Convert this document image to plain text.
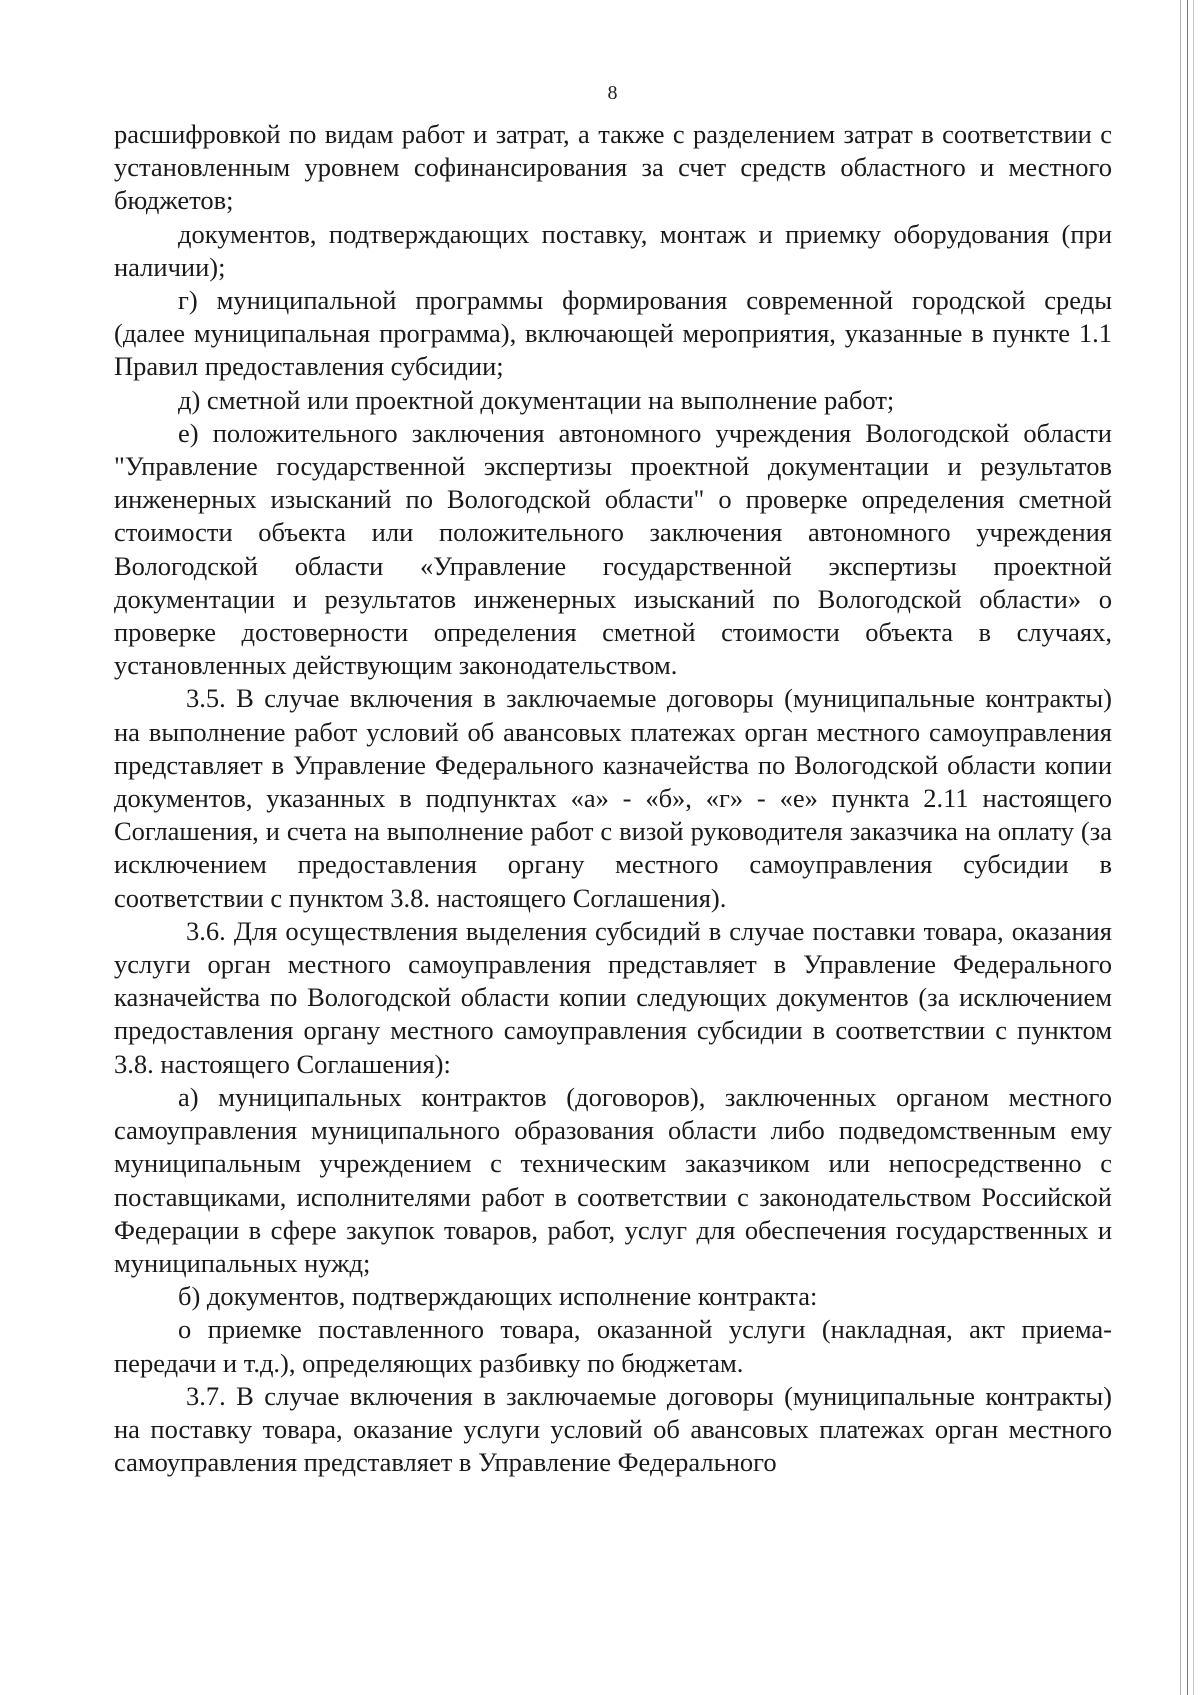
8

расшифровкой по видам работ и затрат, а также с разделением затрат в соответствии с установленным уровнем софинансирования за счет средств областного и местного бюджетов;

документов, подтверждающих поставку, монтаж и приемку оборудования (при наличии);

г) муниципальной программы формирования современной городской среды (далее муниципальная программа), включающей мероприятия, указанные в пункте 1.1 Правил предоставления субсидии;

д) сметной или проектной документации на выполнение работ;

е) положительного заключения автономного учреждения Вологодской области "Управление государственной экспертизы проектной документации и результатов инженерных изысканий по Вологодской области" о проверке определения сметной стоимости объекта или положительного заключения автономного учреждения Вологодской области «Управление государственной экспертизы проектной документации и результатов инженерных изысканий по Вологодской области» о проверке достоверности определения сметной стоимости объекта в случаях, установленных действующим законодательством.

3.5. В случае включения в заключаемые договоры (муниципальные контракты) на выполнение работ условий об авансовых платежах орган местного самоуправления представляет в Управление Федерального казначейства по Вологодской области копии документов, указанных в подпунктах «а» - «б», «г» - «е» пункта 2.11 настоящего Соглашения, и счета на выполнение работ с визой руководителя заказчика на оплату (за исключением предоставления органу местного самоуправления субсидии в соответствии с пунктом 3.8. настоящего Соглашения).

3.6. Для осуществления выделения субсидий в случае поставки товара, оказания услуги орган местного самоуправления представляет в Управление Федерального казначейства по Вологодской области копии следующих документов (за исключением предоставления органу местного самоуправления субсидии в соответствии с пунктом 3.8. настоящего Соглашения):

а) муниципальных контрактов (договоров), заключенных органом местного самоуправления муниципального образования области либо подведомственным ему муниципальным учреждением с техническим заказчиком или непосредственно с поставщиками, исполнителями работ в соответствии с законодательством Российской Федерации в сфере закупок товаров, работ, услуг для обеспечения государственных и муниципальных нужд;

б) документов, подтверждающих исполнение контракта:

о приемке поставленного товара, оказанной услуги (накладная, акт приема-передачи и т.д.), определяющих разбивку по бюджетам.

3.7. В случае включения в заключаемые договоры (муниципальные контракты) на поставку товара, оказание услуги условий об авансовых платежах орган местного самоуправления представляет в Управление Федерального
